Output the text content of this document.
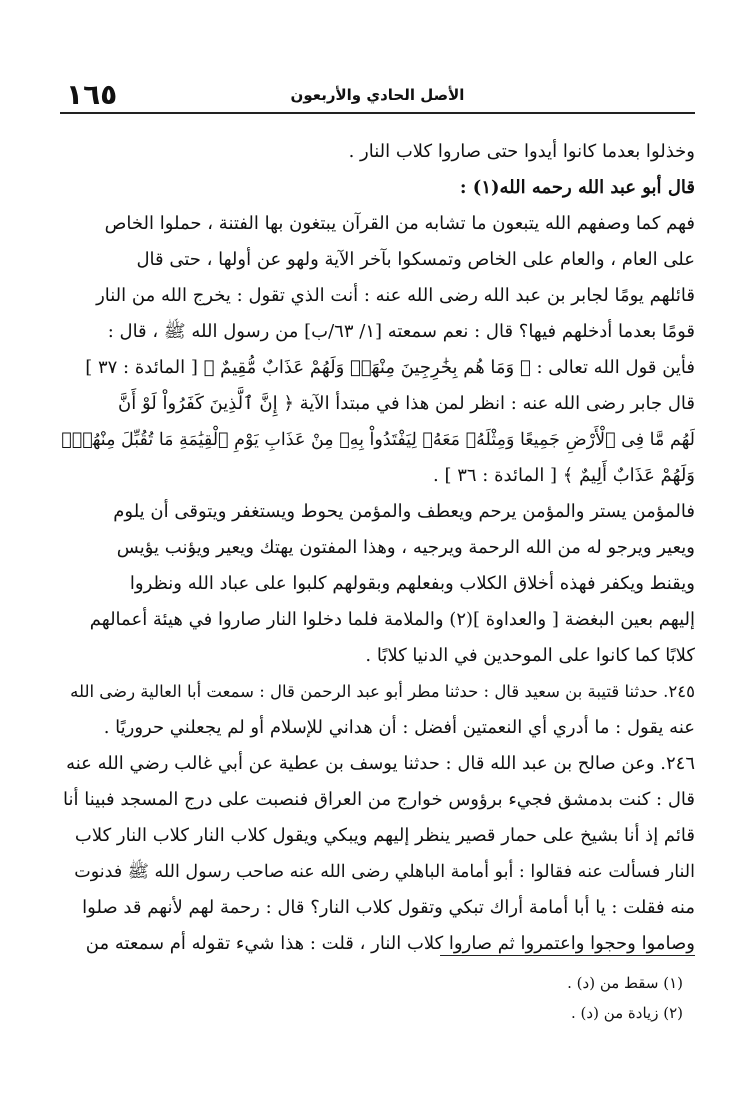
١٦٥	الأصل الحادي والأربعون
وخذلوا بعدما كانوا أيدوا حتى صاروا كلاب النار .
قال أبو عبد الله رحمه الله(١) :
فهم كما وصفهم الله يتبعون ما تشابه من القرآن يبتغون بها الفتنة ، حملوا الخاص
على العام ، والعام على الخاص وتمسكوا بآخر الآية ولهو عن أولها ، حتى قال
قائلهم يومًا لجابر بن عبد الله رضى الله عنه : أنت الذي تقول : يخرج الله من النار
قومًا بعدما أدخلهم فيها؟ قال : نعم سمعته [١/ ٦٣/ب] من رسول الله ﷺ ، قال :
فأين قول الله تعالى : ﴿ وَمَا هُم بِخَٰرِجِينَ مِنْهَاۖ وَلَهُمْ عَذَابٌ مُّقِيمٌ ﴾ [ المائدة : ٣٧ ]
قال جابر رضى الله عنه : انظر لمن هذا في مبتدأ الآية ﴿ إِنَّ ٱلَّذِينَ كَفَرُواْ لَوْ أَنَّ
لَهُم مَّا فِى ٱلْأَرْضِ جَمِيعًا وَمِثْلَهُۥ مَعَهُۥ لِيَفْتَدُواْ بِهِۦ مِنْ عَذَابِ يَوْمِ ٱلْقِيَٰمَةِ مَا تُقُبِّلَ مِنْهُمْۖ
وَلَهُمْ عَذَابٌ أَلِيمٌ ﴾ [ المائدة : ٣٦ ] .
فالمؤمن يستر والمؤمن يرحم ويعطف والمؤمن يحوط ويستغفر ويتوقى أن يلوم
ويعير ويرجو له من الله الرحمة ويرجيه ، وهذا المفتون يهتك ويعير ويؤنب يؤيس
ويقنط ويكفر فهذه أخلاق الكلاب وبفعلهم وبقولهم كلبوا على عباد الله ونظروا
إليهم بعين البغضة [ والعداوة ](٢) والملامة فلما دخلوا النار صاروا في هيئة أعمالهم
كلابًا كما كانوا على الموحدين في الدنيا كلابًا .
٢٤٥. حدثنا قتيبة بن سعيد قال : حدثنا مطر أبو عبد الرحمن قال : سمعت أبا العالية رضى الله
عنه يقول : ما أدري أي النعمتين أفضل : أن هداني للإسلام أو لم يجعلني حروريًا .
٢٤٦. وعن صالح بن عبد الله قال : حدثنا يوسف بن عطية عن أبي غالب رضي الله عنه
قال : كنت بدمشق فجيء برؤوس خوارج من العراق فنصبت على درج المسجد فبينا أنا
قائم إذ أنا بشيخ على حمار قصير ينظر إليهم ويبكي ويقول كلاب النار كلاب النار كلاب
النار فسألت عنه فقالوا : أبو أمامة الباهلي رضى الله عنه صاحب رسول الله ﷺ فدنوت
منه فقلت : يا أبا أمامة أراك تبكي وتقول كلاب النار؟ قال : رحمة لهم لأنهم قد صلوا
وصاموا وحجوا واعتمروا ثم صاروا كلاب النار ، قلت : هذا شيء تقوله أم سمعته من
(١) سقط من (د) .
(٢) زيادة من (د) .
